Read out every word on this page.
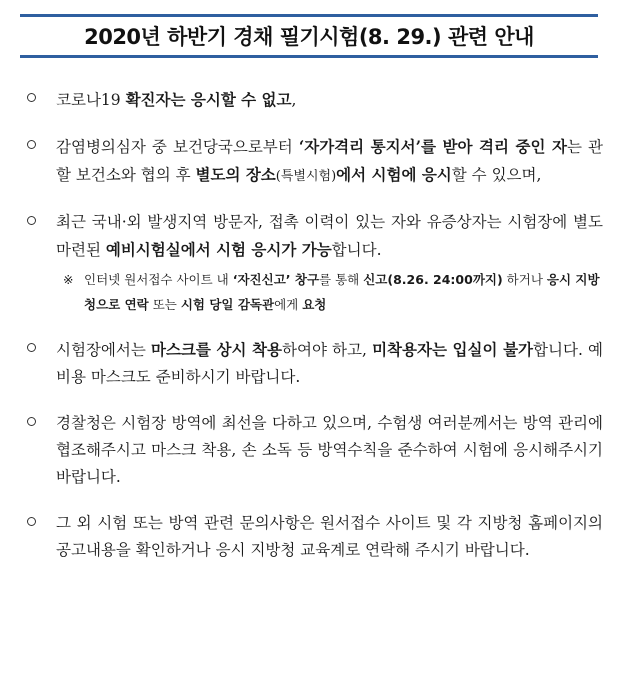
2020년 하반기 경채 필기시험(8. 29.) 관련 안내
코로나19 확진자는 응시할 수 없고,
감염병의심자 중 보건당국으로부터 ‘자가격리 통지서’를 받아 격리 중인 자는 관할 보건소와 협의 후 별도의 장소(특별시험)에서 시험에 응시할 수 있으며,
최근 국내·외 발생지역 방문자, 접촉 이력이 있는 자와 유증상자는 시험장에 별도 마련된 예비시험실에서 시험 응시가 가능합니다.
※ 인터넷 원서접수 사이트 내 ‘자진신고’ 창구를 통해 신고(8.26. 24:00까지) 하거나 응시 지방청으로 연락 또는 시험 당일 감독관에게 요청
시험장에서는 마스크를 상시 착용하여야 하고, 미착용자는 입실이 불가합니다. 예비용 마스크도 준비하시기 바랍니다.
경찰청은 시험장 방역에 최선을 다하고 있으며, 수험생 여러분께서는 방역 관리에 협조해주시고 마스크 착용, 손 소독 등 방역수칙을 준수하여 시험에 응시해주시기 바랍니다.
그 외 시험 또는 방역 관련 문의사항은 원서접수 사이트 및 각 지방청 홈페이지의 공고내용을 확인하거나 응시 지방청 교육계로 연락해 주시기 바랍니다.
